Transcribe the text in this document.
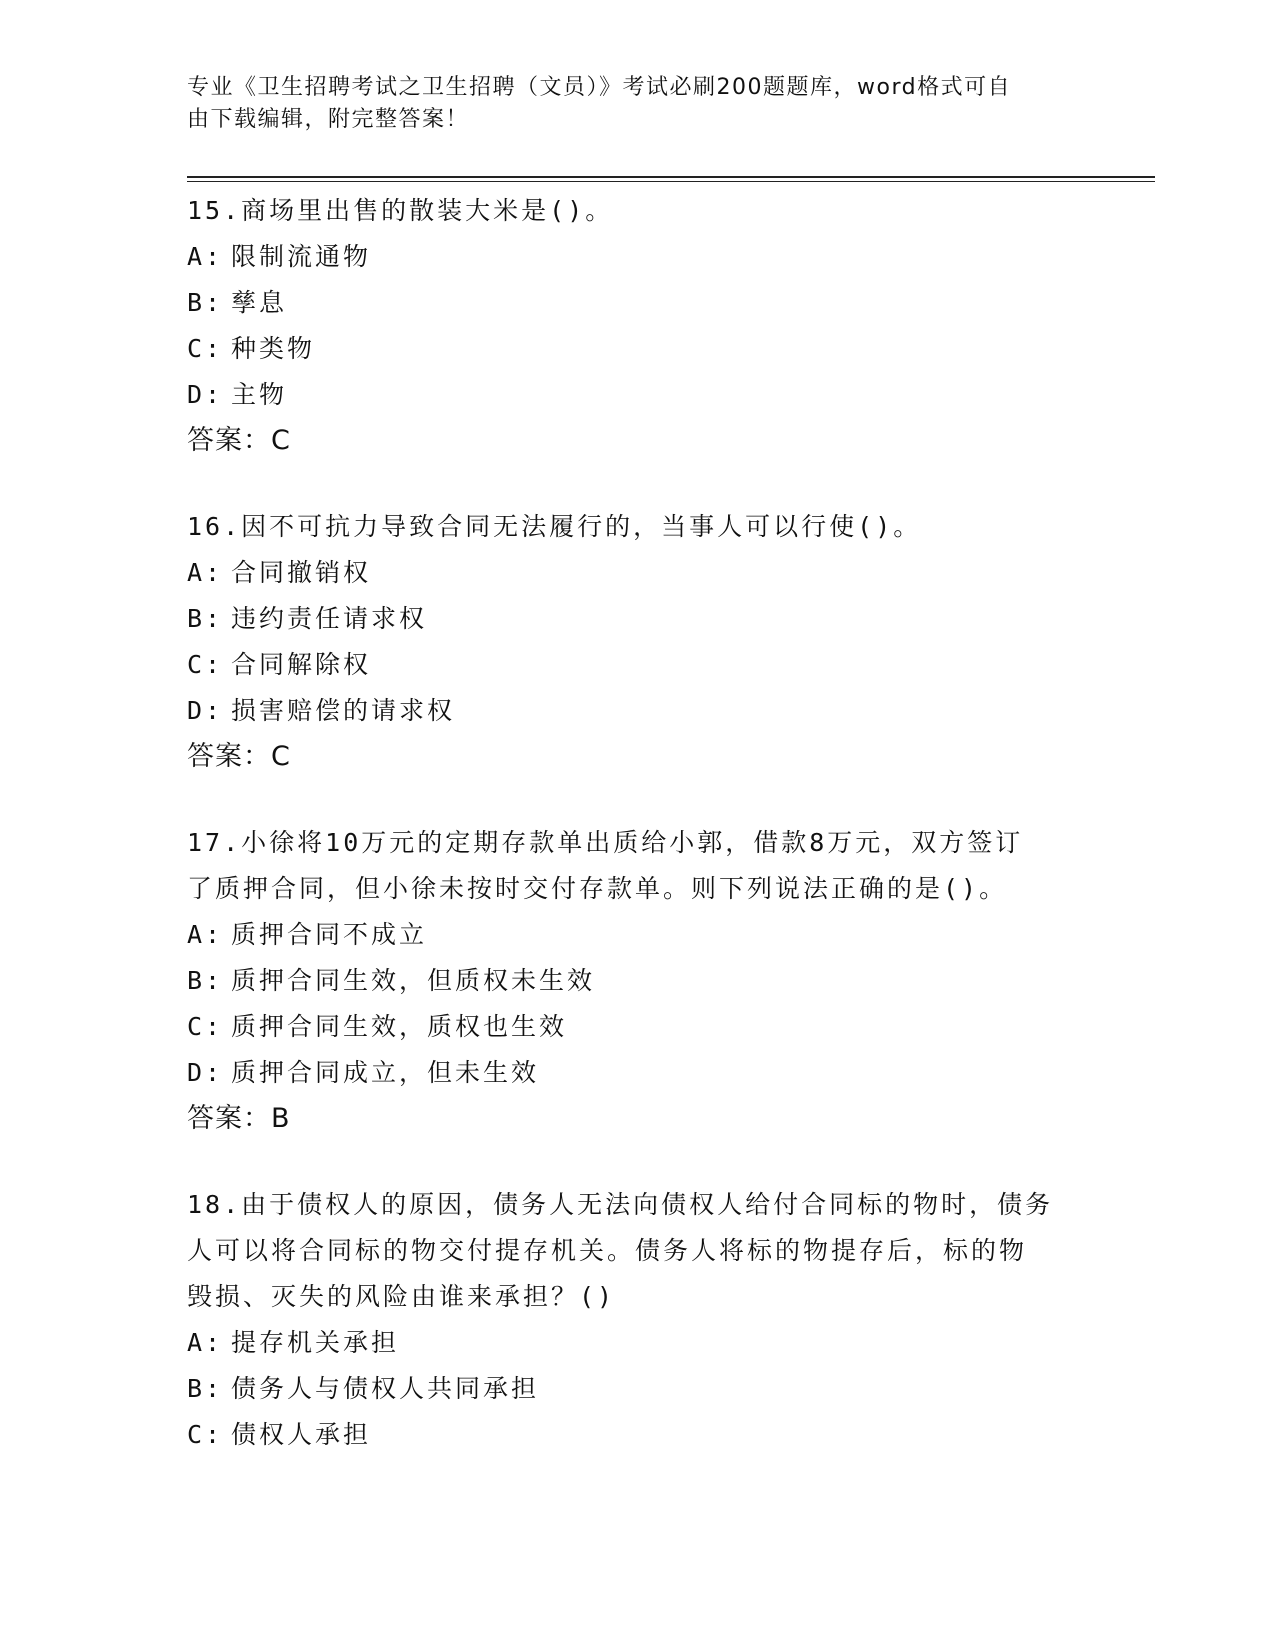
专业《卫生招聘考试之卫生招聘（文员）》考试必刷200题题库，word格式可自
由下载编辑，附完整答案！
15.商场里出售的散装大米是()。
A: 限制流通物
B: 孳息
C: 种类物
D: 主物
答案：C
16.因不可抗力导致合同无法履行的，当事人可以行使()。
A: 合同撤销权
B: 违约责任请求权
C: 合同解除权
D: 损害赔偿的请求权
答案：C
17.小徐将10万元的定期存款单出质给小郭，借款8万元，双方签订
了质押合同，但小徐未按时交付存款单。则下列说法正确的是()。
A: 质押合同不成立
B: 质押合同生效，但质权未生效
C: 质押合同生效，质权也生效
D: 质押合同成立，但未生效
答案：B
18.由于债权人的原因，债务人无法向债权人给付合同标的物时，债务
人可以将合同标的物交付提存机关。债务人将标的物提存后，标的物
毁损、灭失的风险由谁来承担？()
A: 提存机关承担
B: 债务人与债权人共同承担
C: 债权人承担
